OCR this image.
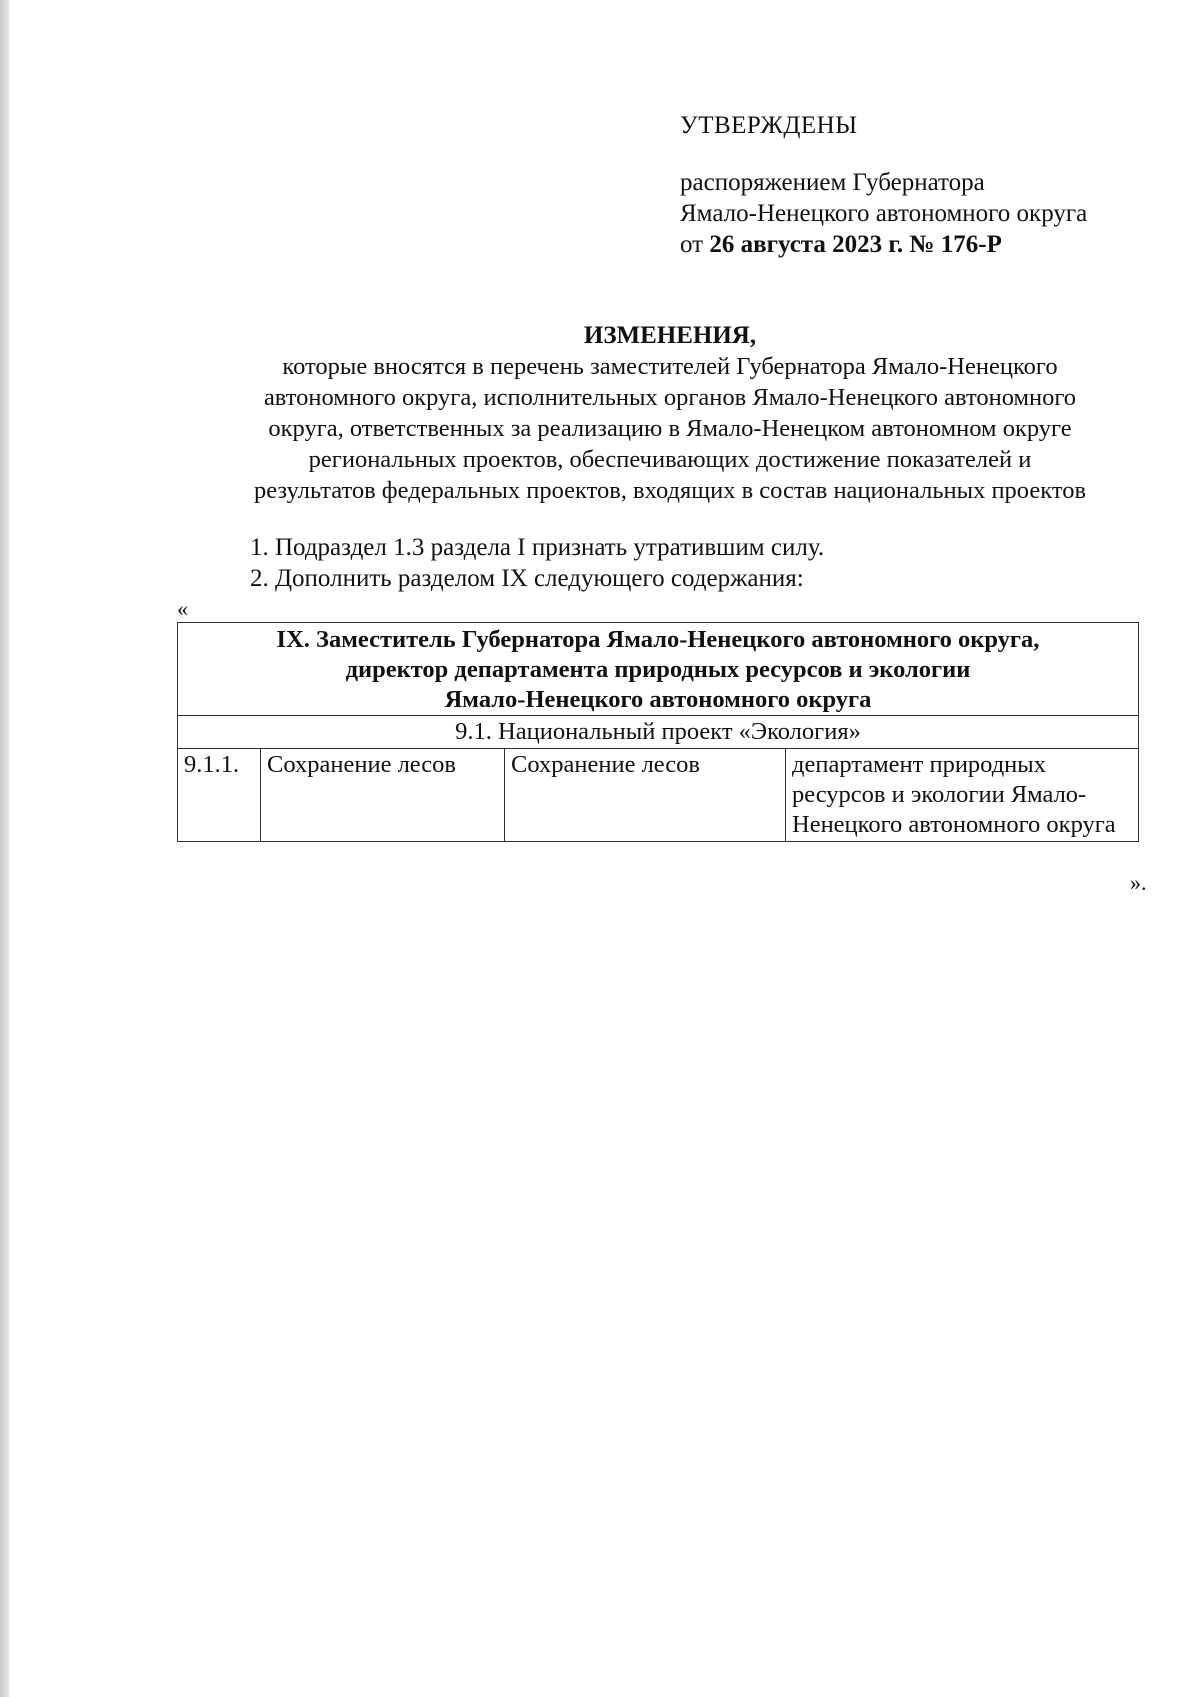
УТВЕРЖДЕНЫ
распоряжением Губернатора
Ямало-Ненецкого автономного округа
от 26 августа 2023 г. № 176-Р
ИЗМЕНЕНИЯ,
которые вносятся в перечень заместителей Губернатора Ямало-Ненецкого
автономного округа, исполнительных органов Ямало-Ненецкого автономного
округа, ответственных за реализацию в Ямало-Ненецком автономном округе
региональных проектов, обеспечивающих достижение показателей и
результатов федеральных проектов, входящих в состав национальных проектов
1. Подраздел 1.3 раздела I признать утратившим силу.
2. Дополнить разделом IX следующего содержания:
«
IX. Заместитель Губернатора Ямало-Ненецкого автономного округа,
директор департамента природных ресурсов и экологии
Ямало-Ненецкого автономного округа

9.1. Национальный проект «Экология»
9.1.1.	Сохранение лесов	Сохранение лесов	департамент природных ресурсов и экологии Ямало-Ненецкого автономного округа
».
